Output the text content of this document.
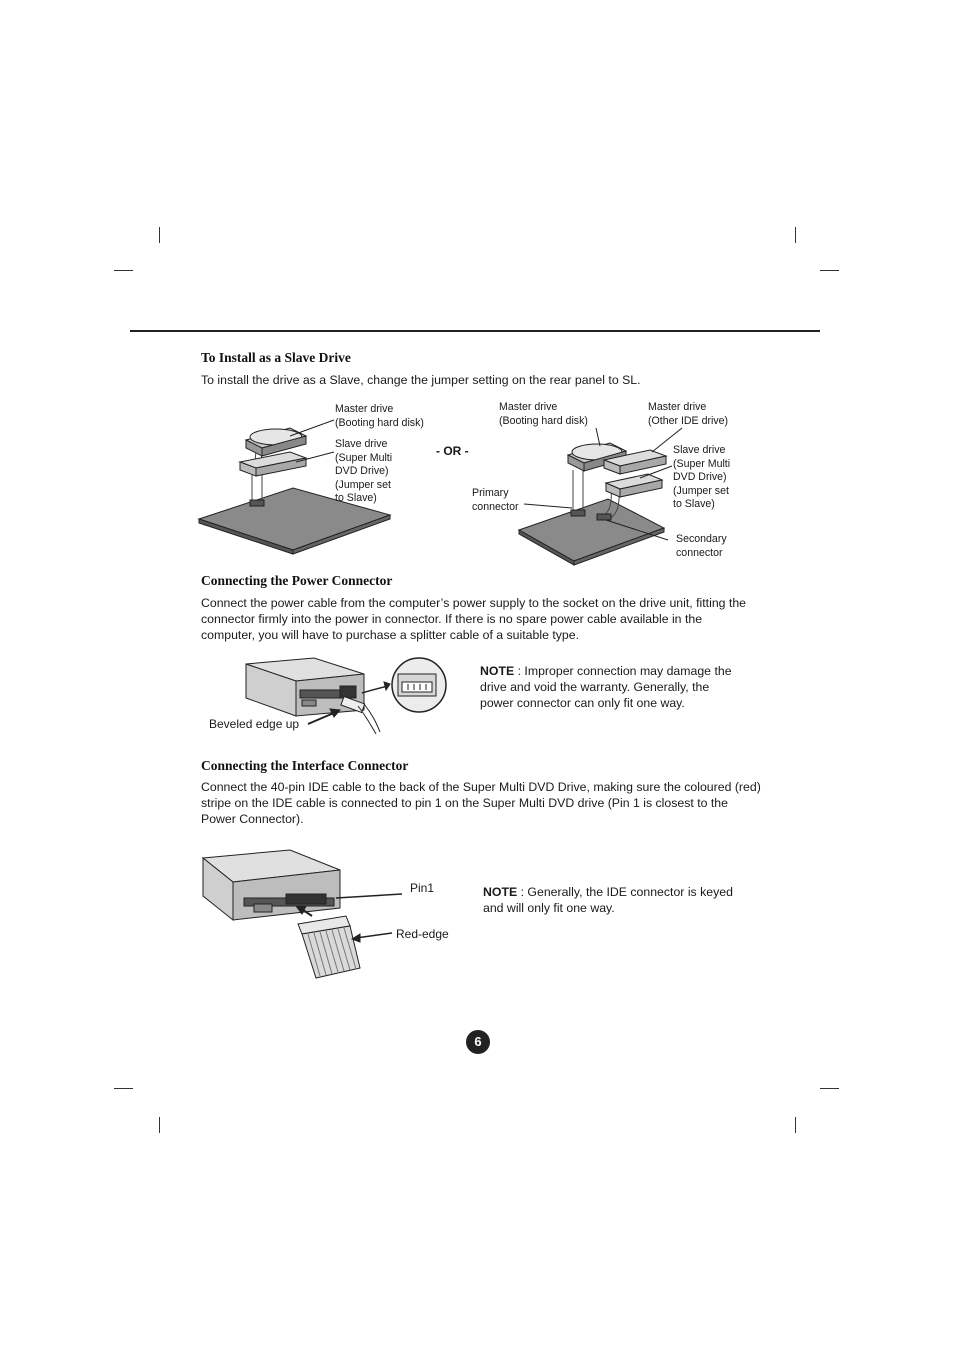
To Install as a Slave Drive

To install the drive as a Slave, change the jumper setting on the rear panel to SL.

Master drive
(Booting hard disk)
Slave drive
(Super Multi
DVD Drive)
(Jumper set
to Slave)
- OR -
Master drive
(Booting hard disk)
Master drive
(Other IDE drive)
Slave drive
(Super Multi
DVD Drive)
(Jumper set
to Slave)
Primary
connector
Secondary
connector
Connecting the Power Connector

Connect the power cable from the computer’s power supply to the socket on the drive unit, fitting the connector firmly into the power in connector. If there is no spare power cable available in the computer, you will have to purchase a splitter cable of a suitable type.

Beveled edge up
NOTE : Improper connection may damage the drive and void the warranty. Generally, the power connector can only fit one way.
Connecting the Interface Connector

Connect the 40-pin IDE cable to the back of the Super Multi DVD Drive, making sure the coloured (red) stripe on the IDE cable is connected to pin 1 on the Super Multi DVD drive (Pin 1 is closest to the Power Connector).

Pin1
Red-edge
NOTE : Generally, the IDE connector is keyed and will only fit one way.
6
